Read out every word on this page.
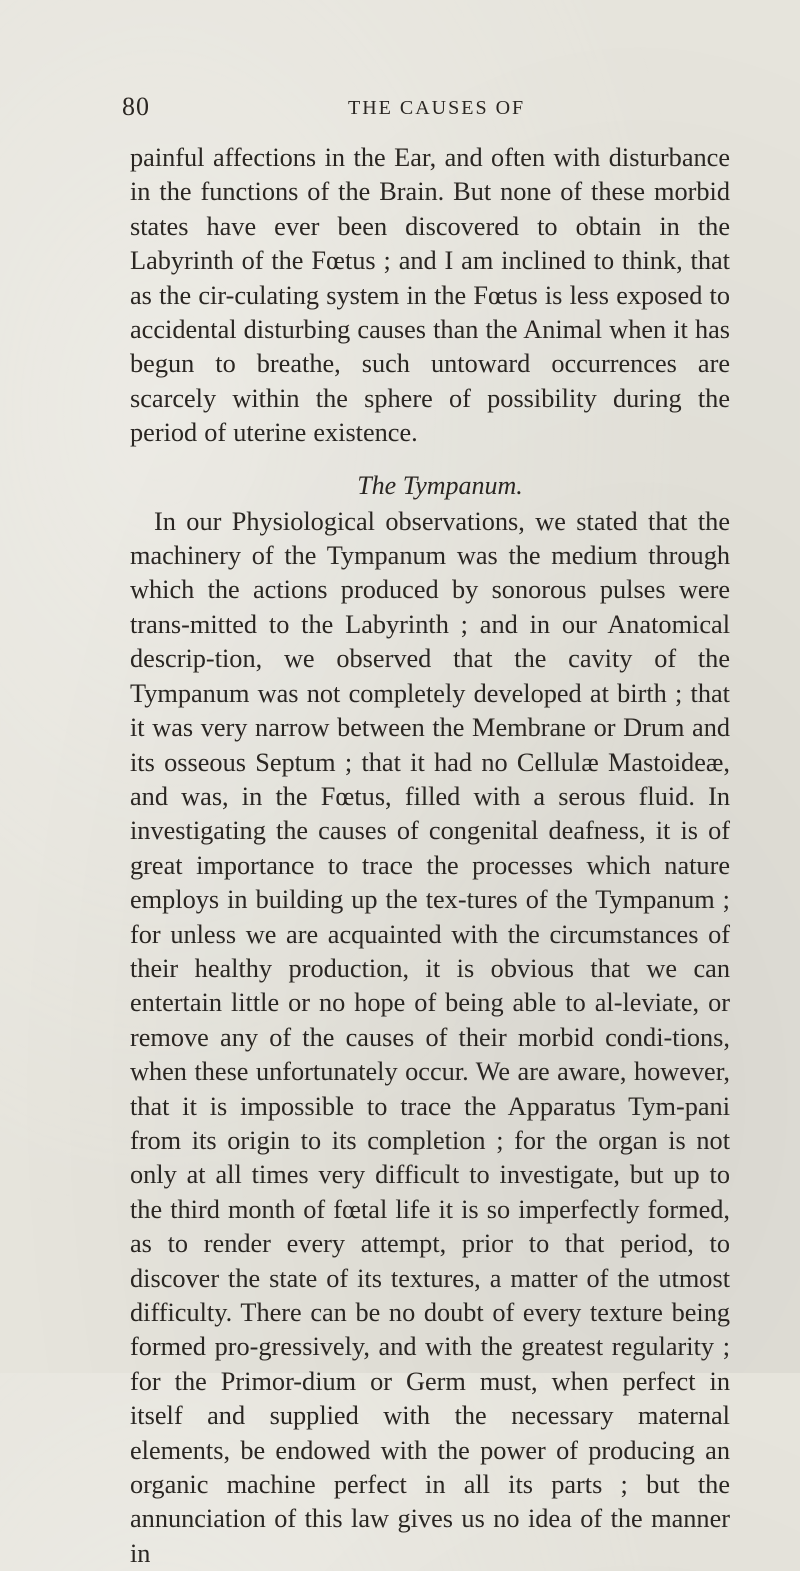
80	THE CAUSES OF

painful affections in the Ear, and often with disturbance in the functions of the Brain. But none of these morbid states have ever been discovered to obtain in the Labyrinth of the Fœtus ; and I am inclined to think, that as the cir-culating system in the Fœtus is less exposed to accidental disturbing causes than the Animal when it has begun to breathe, such untoward occurrences are scarcely within the sphere of possibility during the period of uterine existence.

The Tympanum.

In our Physiological observations, we stated that the machinery of the Tympanum was the medium through which the actions produced by sonorous pulses were trans-mitted to the Labyrinth ; and in our Anatomical descrip-tion, we observed that the cavity of the Tympanum was not completely developed at birth ; that it was very narrow between the Membrane or Drum and its osseous Septum ; that it had no Cellulæ Mastoideæ, and was, in the Fœtus, filled with a serous fluid. In investigating the causes of congenital deafness, it is of great importance to trace the processes which nature employs in building up the tex-tures of the Tympanum ; for unless we are acquainted with the circumstances of their healthy production, it is obvious that we can entertain little or no hope of being able to al-leviate, or remove any of the causes of their morbid condi-tions, when these unfortunately occur. We are aware, however, that it is impossible to trace the Apparatus Tym-pani from its origin to its completion ; for the organ is not only at all times very difficult to investigate, but up to the third month of fœtal life it is so imperfectly formed, as to render every attempt, prior to that period, to discover the state of its textures, a matter of the utmost difficulty. There can be no doubt of every texture being formed pro-gressively, and with the greatest regularity ; for the Primor-dium or Germ must, when perfect in itself and supplied with the necessary maternal elements, be endowed with the power of producing an organic machine perfect in all its parts ; but the annunciation of this law gives us no idea of the manner in
